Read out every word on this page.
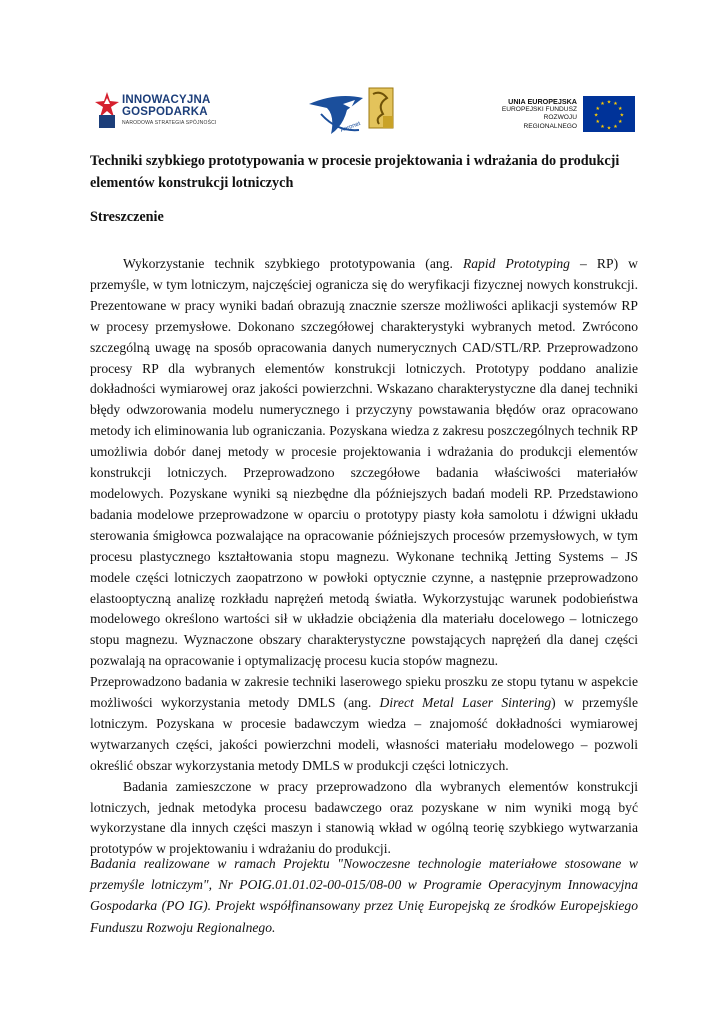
INNOWACYJNA
GOSPODARKA
NARODOWA STRATEGIA SPÓJNOŚCI	Aeronet
UNIA EUROPEJSKA
EUROPEJSKI FUNDUSZ
ROZWOJU REGIONALNEGO
★ ★
★
★
★
★
★
★
★
★
★
★
Techniki szybkiego prototypowania w procesie projektowania i wdrażania do produkcji elementów konstrukcji lotniczych
Streszczenie

Wykorzystanie technik szybkiego prototypowania (ang. Rapid Prototyping – RP) w przemyśle, w tym lotniczym, najczęściej ogranicza się do weryfikacji fizycznej nowych konstrukcji. Prezentowane w pracy wyniki badań obrazują znacznie szersze możliwości aplikacji systemów RP w procesy przemysłowe. Dokonano szczegółowej charakterystyki wybranych metod. Zwrócono szczególną uwagę na sposób opracowania danych numerycznych CAD/STL/RP. Przeprowadzono procesy RP dla wybranych elementów konstrukcji lotniczych. Prototypy poddano analizie dokładności wymiarowej oraz jakości powierzchni. Wskazano charakterystyczne dla danej techniki błędy odwzorowania modelu numerycznego i przyczyny powstawania błędów oraz opracowano metody ich eliminowania lub ograniczania. Pozyskana wiedza z zakresu poszczególnych technik RP umożliwia dobór danej metody w procesie projektowania i wdrażania do produkcji elementów konstrukcji lotniczych. Przeprowadzono szczegółowe badania właściwości materiałów modelowych. Pozyskane wyniki są niezbędne dla późniejszych badań modeli RP. Przedstawiono badania modelowe przeprowadzone w oparciu o prototypy piasty koła samolotu i dźwigni układu sterowania śmigłowca pozwalające na opracowanie późniejszych procesów przemysłowych, w tym procesu plastycznego kształtowania stopu magnezu. Wykonane techniką Jetting Systems – JS modele części lotniczych zaopatrzono w powłoki optycznie czynne, a następnie przeprowadzono elastooptyczną analizę rozkładu naprężeń metodą światła. Wykorzystując warunek podobieństwa modelowego określono wartości sił w układzie obciążenia dla materiału docelowego – lotniczego stopu magnezu. Wyznaczone obszary charakterystyczne powstających naprężeń dla danej części pozwalają na opracowanie i optymalizację procesu kucia stopów magnezu.

Przeprowadzono badania w zakresie techniki laserowego spieku proszku ze stopu tytanu w aspekcie możliwości wykorzystania metody DMLS (ang. Direct Metal Laser Sintering) w przemyśle lotniczym. Pozyskana w procesie badawczym wiedza – znajomość dokładności wymiarowej wytwarzanych części, jakości powierzchni modeli, własności materiału modelowego – pozwoli określić obszar wykorzystania metody DMLS w produkcji części lotniczych.

Badania zamieszczone w pracy przeprowadzono dla wybranych elementów konstrukcji lotniczych, jednak metodyka procesu badawczego oraz pozyskane w nim wyniki mogą być wykorzystane dla innych części maszyn i stanowią wkład w ogólną teorię szybkiego wytwarzania prototypów w projektowaniu i wdrażaniu do produkcji.

Badania realizowane w ramach Projektu "Nowoczesne technologie materiałowe stosowane w przemyśle lotniczym", Nr POIG.01.01.02-00-015/08-00 w Programie Operacyjnym Innowacyjna Gospodarka (PO IG). Projekt współfinansowany przez Unię Europejską ze środków Europejskiego Funduszu Rozwoju Regionalnego.
